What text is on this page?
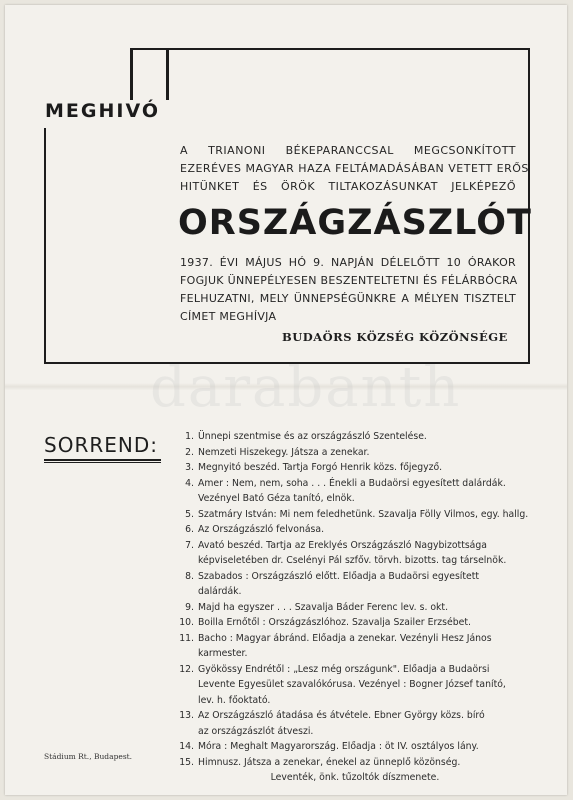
darabanth
MEGHIVÓ
A TRIANONI BÉKEPARANCCSAL MEGCSONKÍTOTT
EZERÉVES MAGYAR HAZA FELTÁMADÁSÁBAN VETETT ERŐS
HITÜNKET ÉS ÖRÖK TILTAKOZÁSUNKAT JELKÉPEZŐ
ORSZÁGZÁSZLÓT
1937. ÉVI MÁJUS HÓ 9. NAPJÁN DÉLELŐTT 10 ÓRAKOR
FOGJUK ÜNNEPÉLYESEN BESZENTELTETNI ÉS FÉLÁRBÓCRA
FELHUZATNI, MELY ÜNNEPSÉGÜNKRE A MÉLYEN TISZTELT
CÍMET MEGHÍVJA
BUDAÖRS KÖZSÉG KÖZÖNSÉGE
SORREND:	1. Ünnepi szentmise és az országzászló Szentelése.
2. Nemzeti Hiszekegy. Játsza a zenekar.
3. Megnyitó beszéd. Tartja Forgó Henrik közs. főjegyző.
4. Amer : Nem, nem, soha . . . Énekli a Budaörsi egyesített dalárdák.
Vezényel Bató Géza tanító, elnök.
5. Szatmáry István: Mi nem feledhetünk. Szavalja Fölly Vilmos, egy. hallg.
6. Az Országzászló felvonása.
7. Avató beszéd. Tartja az Ereklyés Országzászló Nagybizottsága
képviseletében dr. Cselényi Pál szfőv. törvh. bizotts. tag társelnök.
8. Szabados : Országzászló előtt. Előadja a Budaörsi egyesített
dalárdák.
9. Majd ha egyszer . . . Szavalja Báder Ferenc lev. s. okt.
10. Boilla Ernőtől : Országzászlóhoz. Szavalja Szailer Erzsébet.
11. Bacho : Magyar ábránd. Előadja a zenekar. Vezényli Hesz János
karmester.
12. Gyökössy Endrétől : „Lesz még országunk". Előadja a Budaörsi
Levente Egyesület szavalókórusa. Vezényel : Bogner József tanító,
lev. h. főoktató.
13. Az Országzászló átadása és átvétele. Ebner György közs. bíró
az országzászlót átveszi.
14. Móra : Meghalt Magyarország. Előadja : öt IV. osztályos lány.
15. Himnusz. Játsza a zenekar, énekel az ünneplő közönség.
Leventék, önk. tűzoltók díszmenete.
Stádium Rt., Budapest.
